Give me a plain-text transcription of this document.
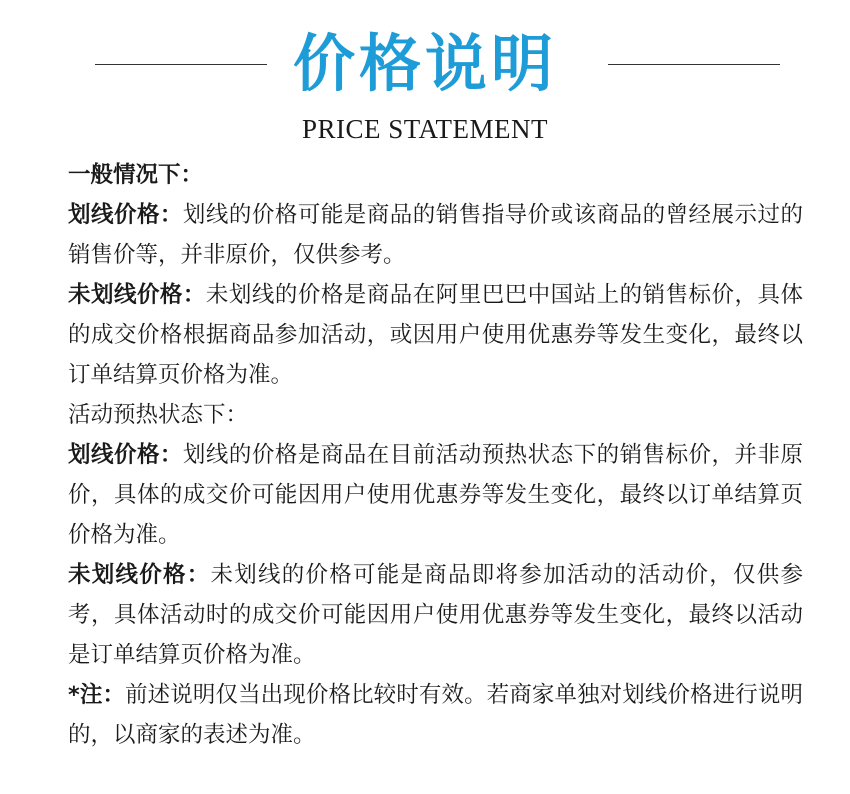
价格说明
PRICE STATEMENT

一般情况下：

划线价格：划线的价格可能是商品的销售指导价或该商品的曾经展示过的销售价等，并非原价，仅供参考。

未划线价格：未划线的价格是商品在阿里巴巴中国站上的销售标价，具体的成交价格根据商品参加活动，或因用户使用优惠券等发生变化，最终以订单结算页价格为准。

活动预热状态下：

划线价格：划线的价格是商品在目前活动预热状态下的销售标价，并非原价，具体的成交价可能因用户使用优惠券等发生变化，最终以订单结算页价格为准。

未划线价格：未划线的价格可能是商品即将参加活动的活动价，仅供参考，具体活动时的成交价可能因用户使用优惠券等发生变化，最终以活动是订单结算页价格为准。

*注：前述说明仅当出现价格比较时有效。若商家单独对划线价格进行说明的，以商家的表述为准。
